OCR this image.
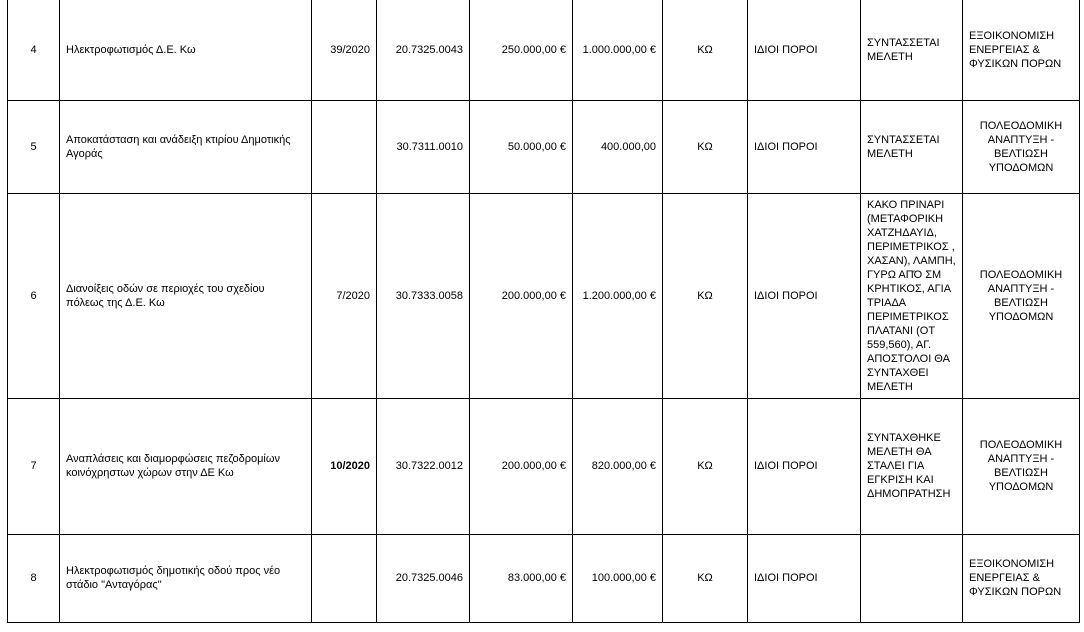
4	Ηλεκτροφωτισμός Δ.Ε. Κω	39/2020	20.7325.0043	250.000,00 €	1.000.000,00 €	ΚΩ	ΙΔΙΟΙ ΠΟΡΟΙ	ΣΥΝΤΑΣΣΕΤΑΙ ΜΕΛΕΤΗ	ΕΞΟΙΚΟΝΟΜΙΣΗ ΕΝΕΡΓΕΙΑΣ & ΦΥΣΙΚΩΝ ΠΟΡΩΝ
5	Αποκατάσταση και ανάδειξη κτιρίου Δημοτικής Αγοράς		30.7311.0010	50.000,00 €	400.000,00	ΚΩ	ΙΔΙΟΙ ΠΟΡΟΙ	ΣΥΝΤΑΣΣΕΤΑΙ ΜΕΛΕΤΗ	ΠΟΛΕΟΔΟΜΙΚΗ ΑΝΑΠΤΥΞΗ - ΒΕΛΤΙΩΣΗ ΥΠΟΔΟΜΩΝ
6	Διανοίξεις οδών σε περιοχές του σχεδίου πόλεως της Δ.Ε. Κω	7/2020	30.7333.0058	200.000,00 €	1.200.000,00 €	ΚΩ	ΙΔΙΟΙ ΠΟΡΟΙ	ΚΑΚΟ ΠΡΙΝΑΡΙ (ΜΕΤΑΦΟΡΙΚΗ ΧΑΤΖΗΔΑΥΙΔ, ΠΕΡΙΜΕΤΡΙΚΟΣ , ΧΑΣΑΝ), ΛΑΜΠΗ, ΓΥΡΩ ΑΠΌ ΣΜ ΚΡΗΤΙΚΟΣ, ΑΓΙΑ ΤΡΙΑΔΑ ΠΕΡΙΜΕΤΡΙΚΟΣ ΠΛΑΤΑΝΙ (ΟΤ 559,560), ΑΓ. ΑΠΟΣΤΟΛΟΙ ΘΑ ΣΥΝΤΑΧΘΕΙ ΜΕΛΕΤΗ	ΠΟΛΕΟΔΟΜΙΚΗ ΑΝΑΠΤΥΞΗ - ΒΕΛΤΙΩΣΗ ΥΠΟΔΟΜΩΝ
7	Αναπλάσεις και διαμορφώσεις πεζοδρομίων κοινόχρηστων χώρων στην ΔΕ Κω	10/2020	30.7322.0012	200.000,00 €	820.000,00 €	ΚΩ	ΙΔΙΟΙ ΠΟΡΟΙ	ΣΥΝΤΑΧΘΗΚΕ ΜΕΛΕΤΗ ΘΑ ΣΤΑΛΕΙ ΓΙΑ ΕΓΚΡΙΣΗ ΚΑΙ ΔΗΜΟΠΡΑΤΗΣΗ	ΠΟΛΕΟΔΟΜΙΚΗ ΑΝΑΠΤΥΞΗ - ΒΕΛΤΙΩΣΗ ΥΠΟΔΟΜΩΝ
8	Ηλεκτροφωτισμός δημοτικής οδού προς νέο στάδιο "Ανταγόρας"		20.7325.0046	83.000,00 €	100.000,00 €	ΚΩ	ΙΔΙΟΙ ΠΟΡΟΙ		ΕΞΟΙΚΟΝΟΜΙΣΗ ΕΝΕΡΓΕΙΑΣ & ΦΥΣΙΚΩΝ ΠΟΡΩΝ
